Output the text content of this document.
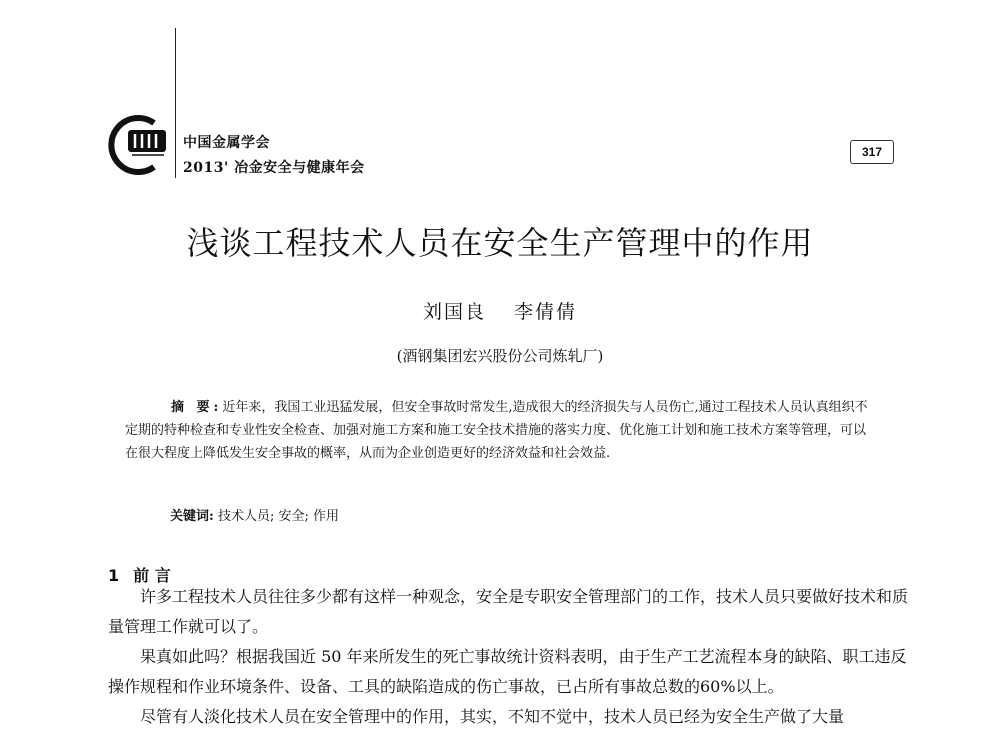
中国金属学会
2013' 冶金安全与健康年会
317
浅谈工程技术人员在安全生产管理中的作用
刘国良 李倩倩
(酒钢集团宏兴股份公司炼轧厂)

摘 要:近年来，我国工业迅猛发展，但安全事故时常发生,造成很大的经济损失与人员伤亡,通过工程技术人员认真组织不定期的特种检查和专业性安全检查、加强对施工方案和施工安全技术措施的落实力度、优化施工计划和施工技术方案等管理，可以在很大程度上降低发生安全事故的概率，从而为企业创造更好的经济效益和社会效益.

关键词: 技术人员; 安全; 作用
1 前 言

许多工程技术人员往往多少都有这样一种观念，安全是专职安全管理部门的工作，技术人员只要做好技术和质量管理工作就可以了。

果真如此吗？根据我国近 50 年来所发生的死亡事故统计资料表明，由于生产工艺流程本身的缺陷、职工违反操作规程和作业环境条件、设备、工具的缺陷造成的伤亡事故，已占所有事故总数的60%以上。

尽管有人淡化技术人员在安全管理中的作用，其实，不知不觉中，技术人员已经为安全生产做了大量
